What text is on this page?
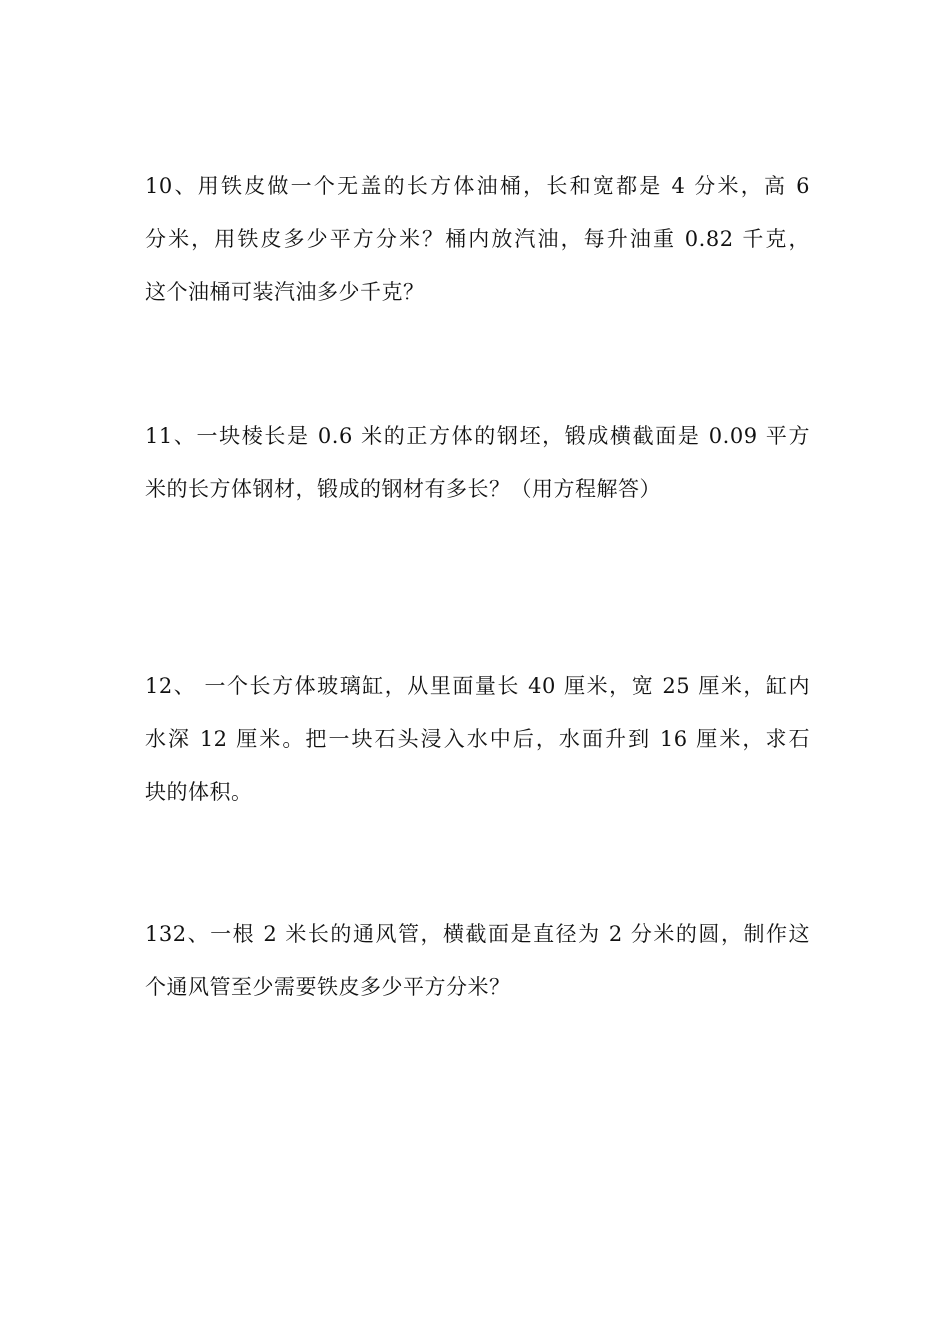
10、用铁皮做一个无盖的长方体油桶，长和宽都是 4 分米，高 6
分米，用铁皮多少平方分米？桶内放汽油，每升油重 0.82 千克，
这个油桶可装汽油多少千克？
11、一块棱长是 0.6 米的正方体的钢坯，锻成横截面是 0.09 平方
米的长方体钢材，锻成的钢材有多长？（用方程解答）
12、 一个长方体玻璃缸，从里面量长 40 厘米，宽 25 厘米，缸内
水深 12 厘米。把一块石头浸入水中后，水面升到 16 厘米，求石
块的体积。
132、一根 2 米长的通风管，横截面是直径为 2 分米的圆，制作这
个通风管至少需要铁皮多少平方分米？
